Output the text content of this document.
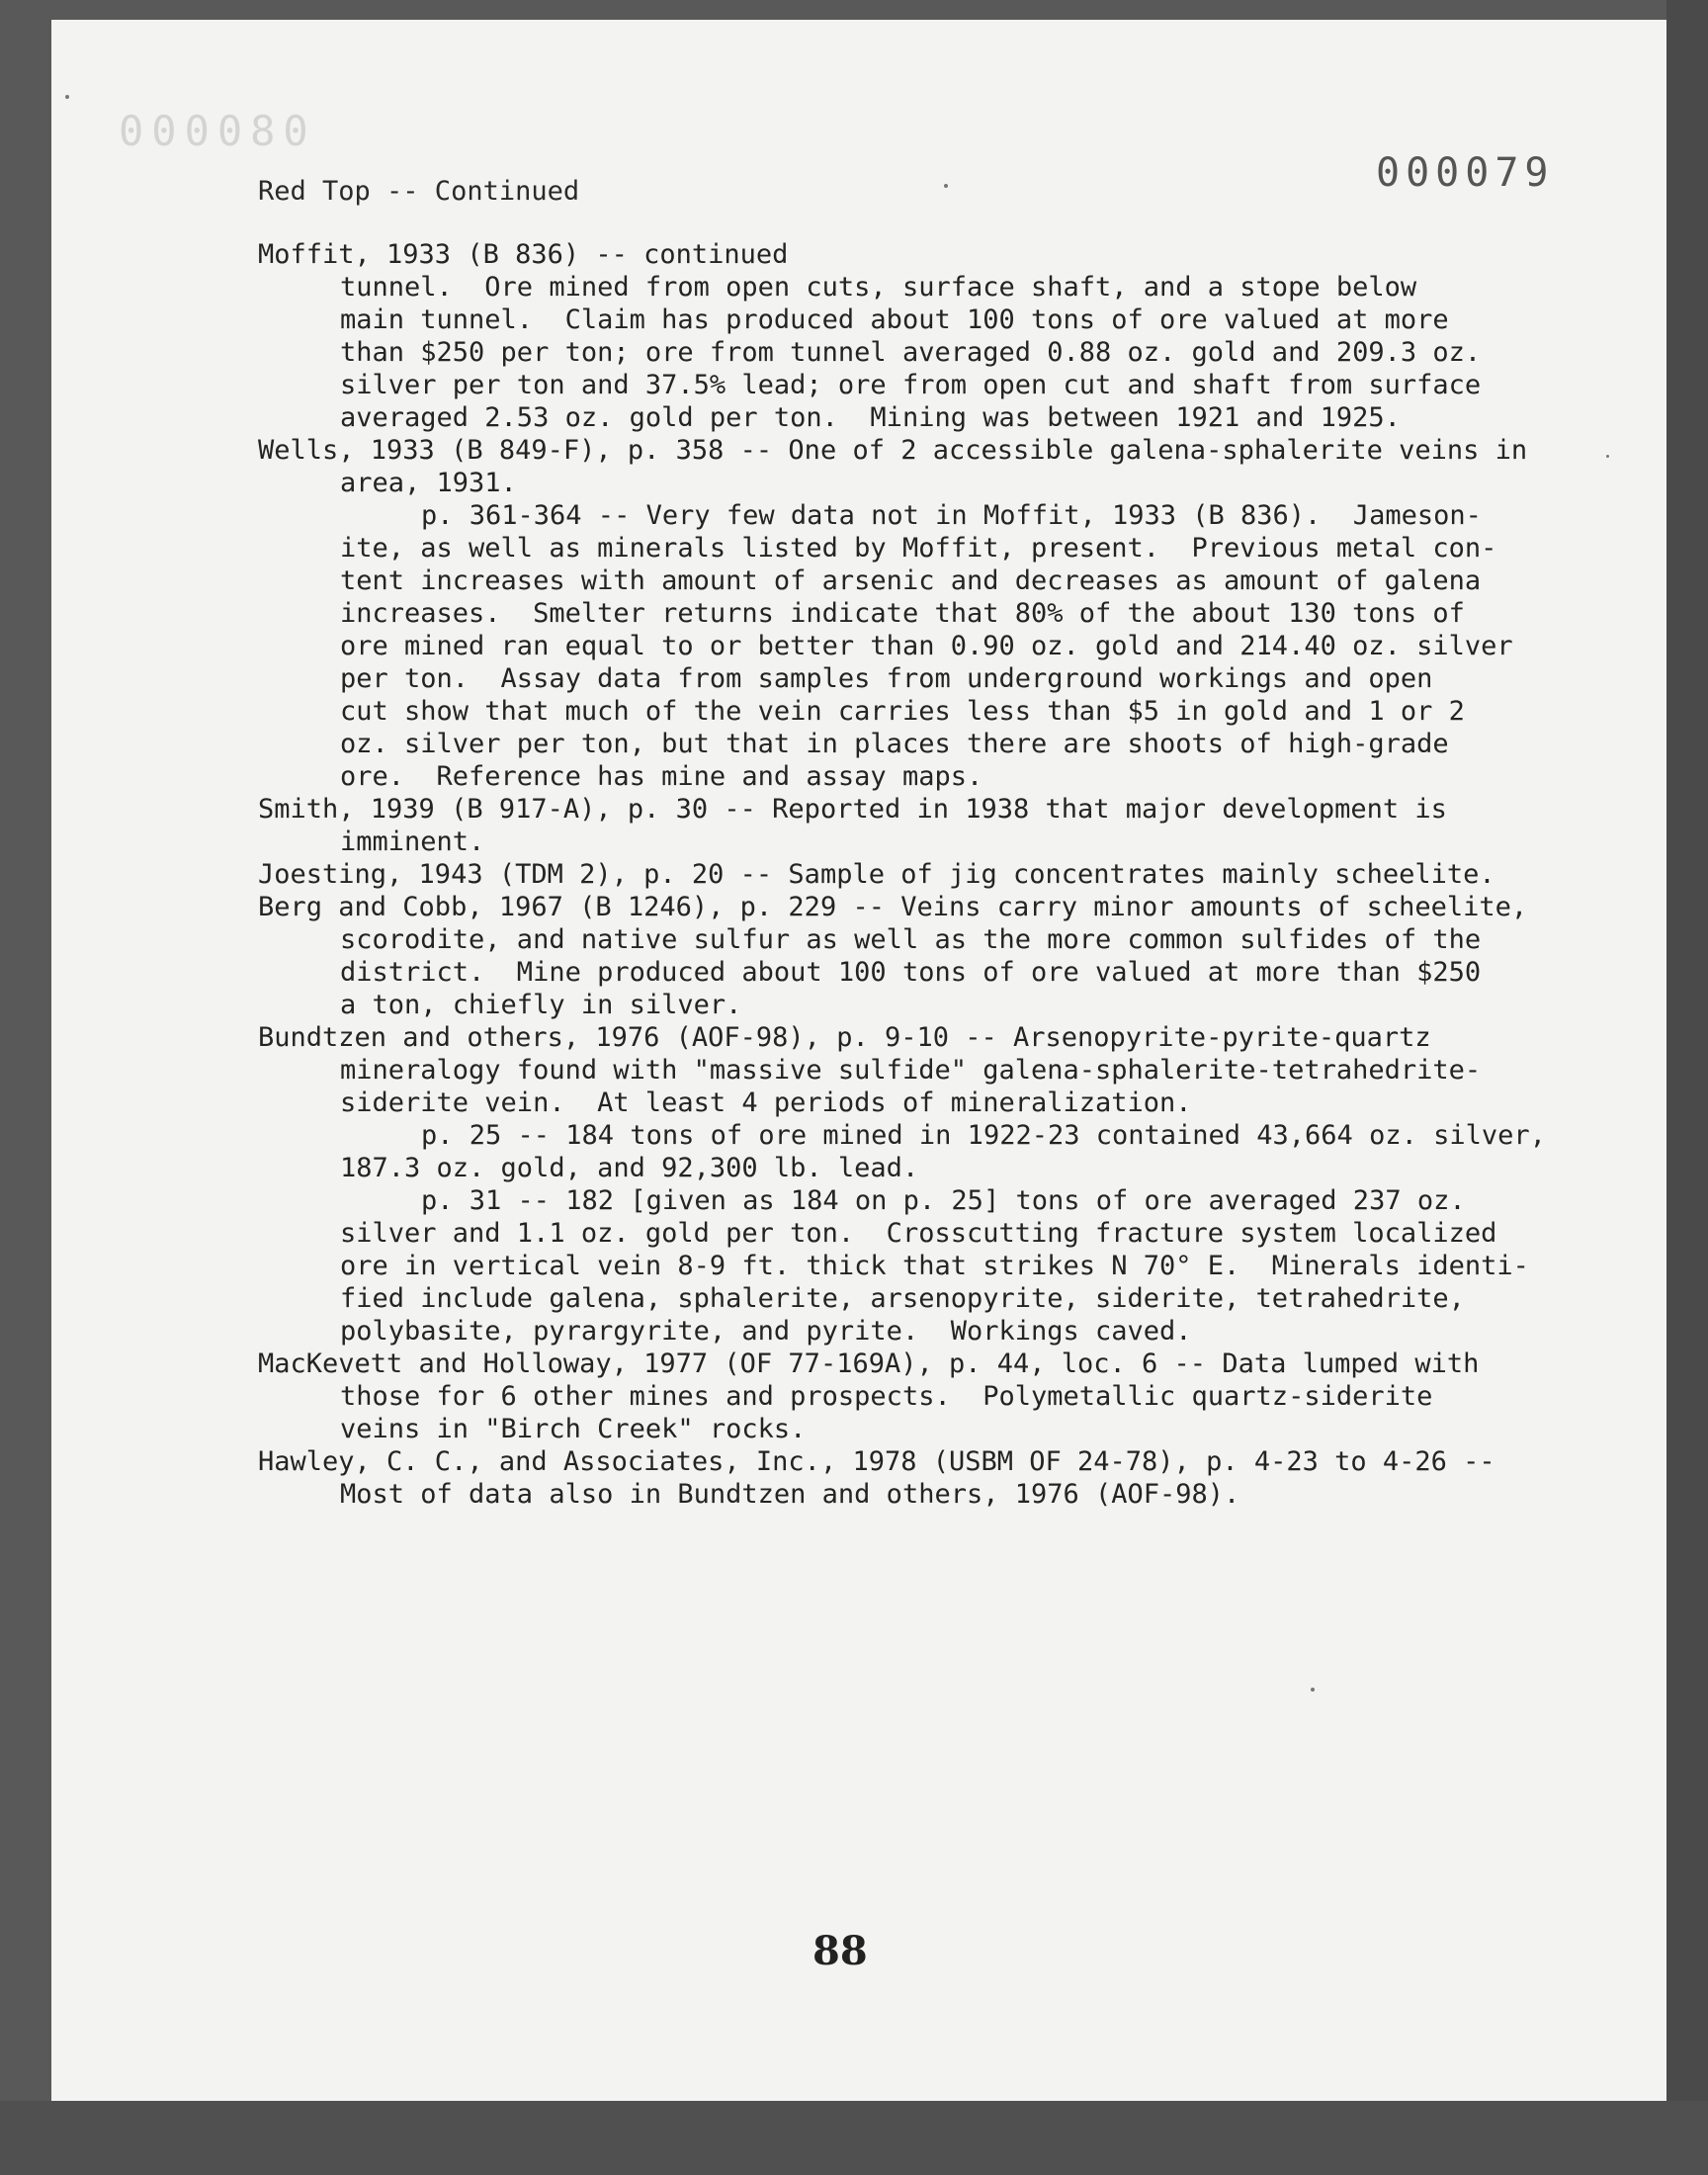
000080
000079
Red Top -- Continued
Moffit, 1933 (B 836) -- continued
tunnel.  Ore mined from open cuts, surface shaft, and a stope below
main tunnel.  Claim has produced about 100 tons of ore valued at more
than $250 per ton; ore from tunnel averaged 0.88 oz. gold and 209.3 oz.
silver per ton and 37.5% lead; ore from open cut and shaft from surface
averaged 2.53 oz. gold per ton.  Mining was between 1921 and 1925.
Wells, 1933 (B 849-F), p. 358 -- One of 2 accessible galena-sphalerite veins in
area, 1931.
p. 361-364 -- Very few data not in Moffit, 1933 (B 836).  Jameson-
ite, as well as minerals listed by Moffit, present.  Previous metal con-
tent increases with amount of arsenic and decreases as amount of galena
increases.  Smelter returns indicate that 80% of the about 130 tons of
ore mined ran equal to or better than 0.90 oz. gold and 214.40 oz. silver
per ton.  Assay data from samples from underground workings and open
cut show that much of the vein carries less than $5 in gold and 1 or 2
oz. silver per ton, but that in places there are shoots of high-grade
ore.  Reference has mine and assay maps.
Smith, 1939 (B 917-A), p. 30 -- Reported in 1938 that major development is
imminent.
Joesting, 1943 (TDM 2), p. 20 -- Sample of jig concentrates mainly scheelite.
Berg and Cobb, 1967 (B 1246), p. 229 -- Veins carry minor amounts of scheelite,
scorodite, and native sulfur as well as the more common sulfides of the
district.  Mine produced about 100 tons of ore valued at more than $250
a ton, chiefly in silver.
Bundtzen and others, 1976 (AOF-98), p. 9-10 -- Arsenopyrite-pyrite-quartz
mineralogy found with "massive sulfide" galena-sphalerite-tetrahedrite-
siderite vein.  At least 4 periods of mineralization.
p. 25 -- 184 tons of ore mined in 1922-23 contained 43,664 oz. silver,
187.3 oz. gold, and 92,300 lb. lead.
p. 31 -- 182 [given as 184 on p. 25] tons of ore averaged 237 oz.
silver and 1.1 oz. gold per ton.  Crosscutting fracture system localized
ore in vertical vein 8-9 ft. thick that strikes N 70° E.  Minerals identi-
fied include galena, sphalerite, arsenopyrite, siderite, tetrahedrite,
polybasite, pyrargyrite, and pyrite.  Workings caved.
MacKevett and Holloway, 1977 (OF 77-169A), p. 44, loc. 6 -- Data lumped with
those for 6 other mines and prospects.  Polymetallic quartz-siderite
veins in "Birch Creek" rocks.
Hawley, C. C., and Associates, Inc., 1978 (USBM OF 24-78), p. 4-23 to 4-26 --
Most of data also in Bundtzen and others, 1976 (AOF-98).
88
